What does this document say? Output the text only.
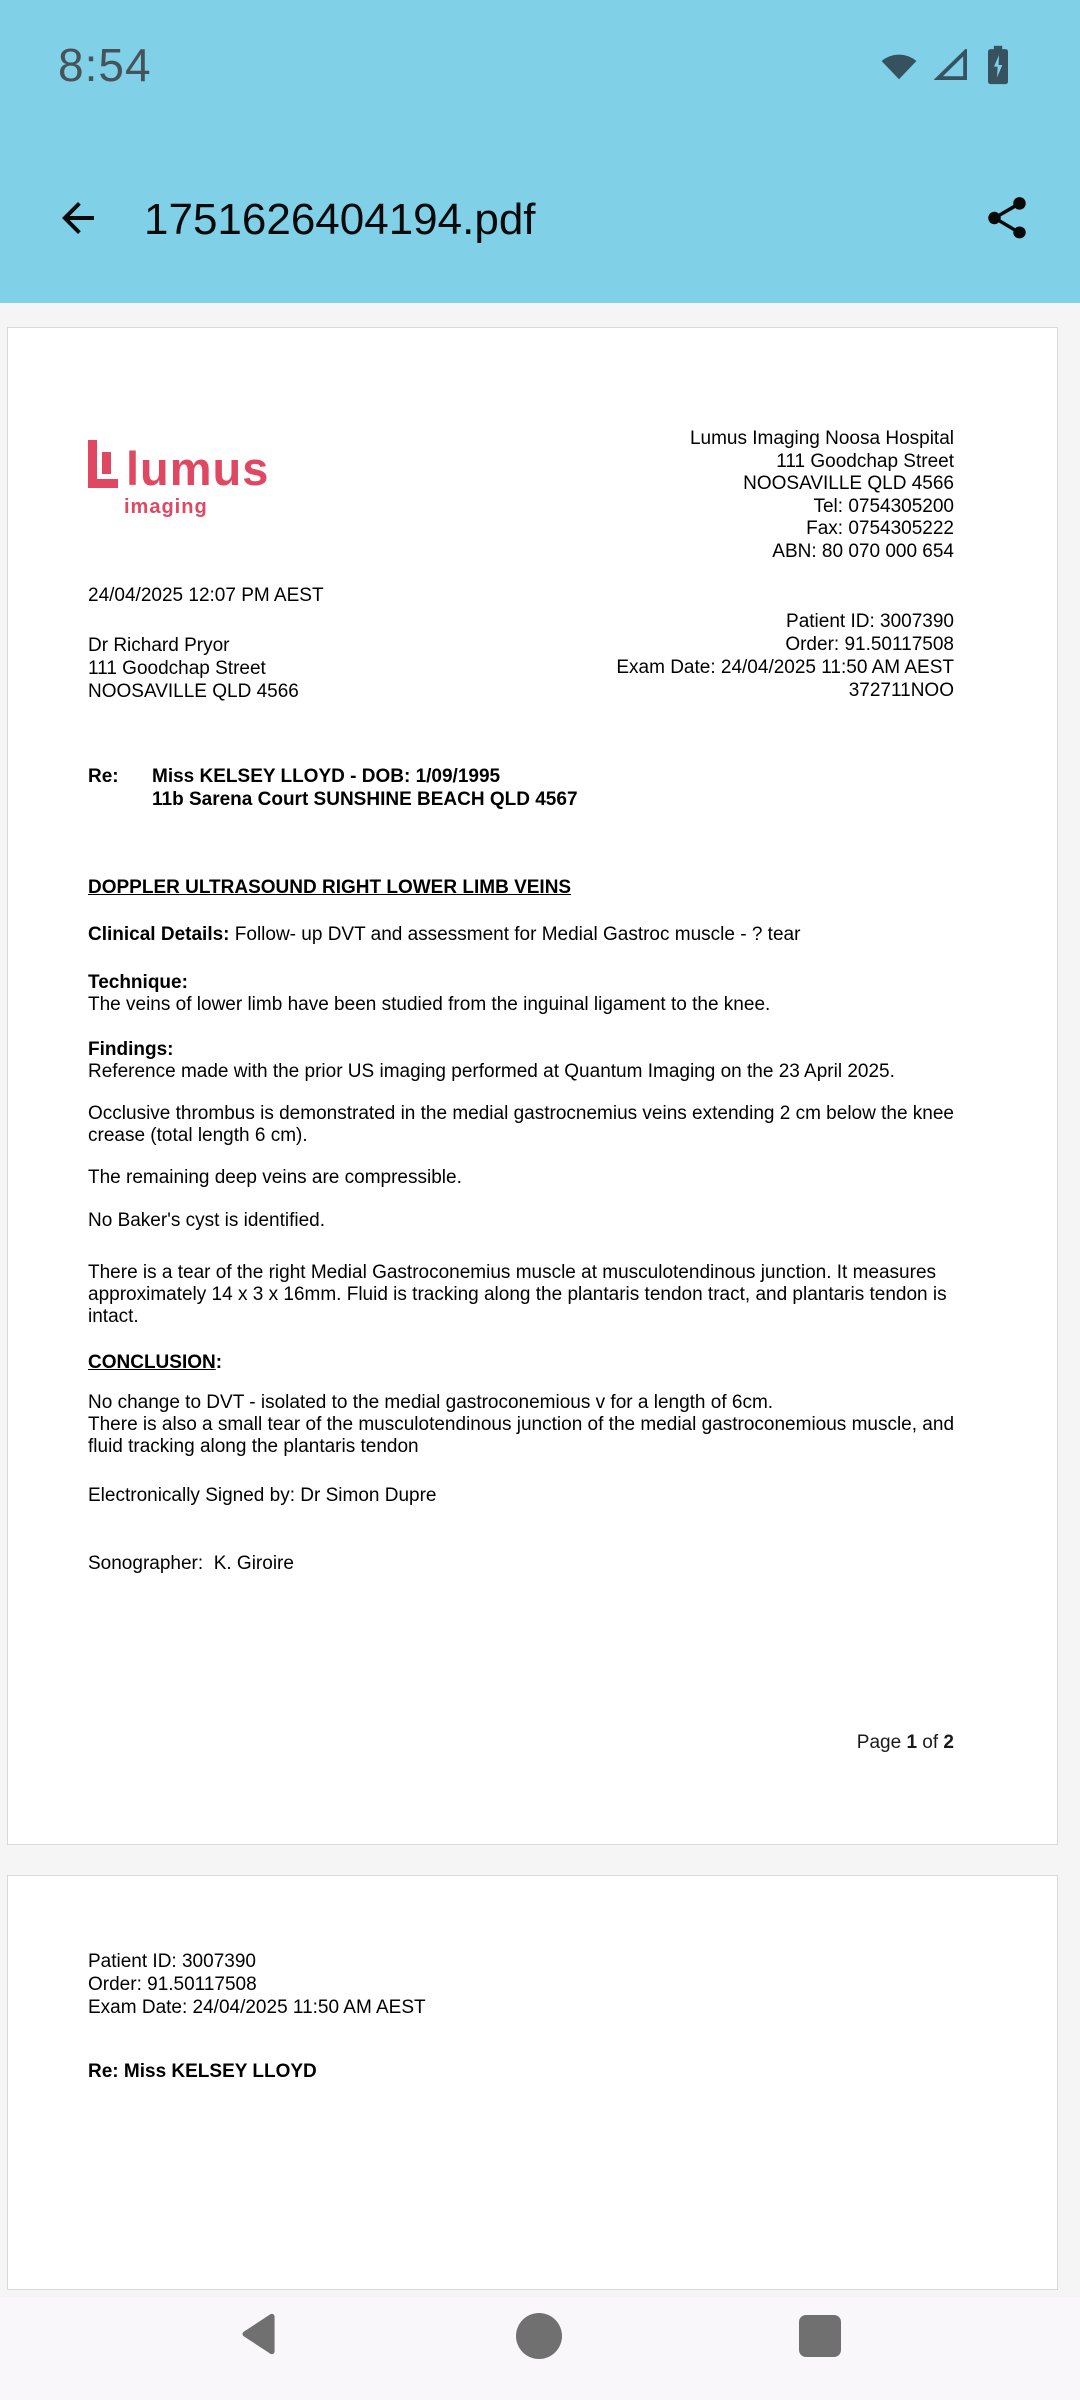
8:54
1751626404194.pdf
lumus
imaging
Lumus Imaging Noosa Hospital
111 Goodchap Street
NOOSAVILLE QLD 4566
Tel: 0754305200
Fax: 0754305222
ABN: 80 070 000 654
24/04/2025 12:07 PM AEST
Dr Richard Pryor
111 Goodchap Street
NOOSAVILLE QLD 4566
Patient ID: 3007390
Order: 91.50117508
Exam Date: 24/04/2025 11:50 AM AEST
372711NOO
Re:	Miss KELSEY LLOYD - DOB: 1/09/1995
11b Sarena Court SUNSHINE BEACH QLD 4567
DOPPLER ULTRASOUND RIGHT LOWER LIMB VEINS

Clinical Details: Follow- up DVT and assessment for Medial Gastroc muscle - ? tear

Technique:
The veins of lower limb have been studied from the inguinal ligament to the knee.
Findings:
Reference made with the prior US imaging performed at Quantum Imaging on the 23 April 2025.

Occlusive thrombus is demonstrated in the medial gastrocnemius veins extending 2 cm below the knee crease (total length 6 cm).

The remaining deep veins are compressible.

No Baker's cyst is identified.

There is a tear of the right Medial Gastroconemius muscle at musculotendinous junction. It measures approximately 14 x 3 x 16mm. Fluid is tracking along the plantaris tendon tract, and plantaris tendon is intact.

CONCLUSION:

No change to DVT - isolated to the medial gastroconemious v for a length of 6cm.
There is also a small tear of the musculotendinous junction of the medial gastroconemious muscle, and fluid tracking along the plantaris tendon

Electronically Signed by: Dr Simon Dupre

Sonographer:  K. Giroire

Page 1 of 2
Patient ID: 3007390
Order: 91.50117508
Exam Date: 24/04/2025 11:50 AM AEST
Re: Miss KELSEY LLOYD
